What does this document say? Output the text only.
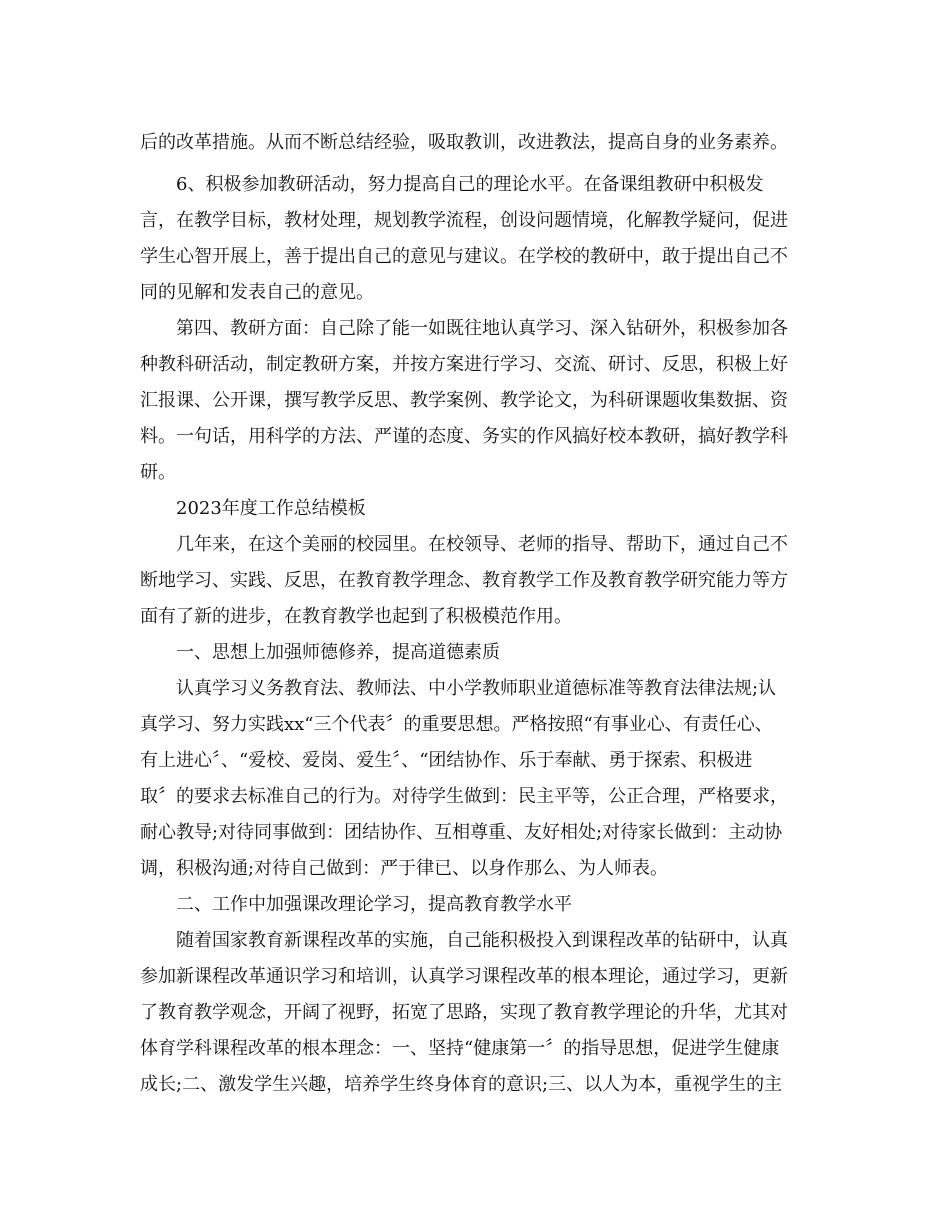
后的改革措施。从而不断总结经验，吸取教训，改进教法，提高自身的业务素养。
6、积极参加教研活动，努力提高自己的理论水平。在备课组教研中积极发
言，在教学目标，教材处理，规划教学流程，创设问题情境，化解教学疑问，促进
学生心智开展上，善于提出自己的意见与建议。在学校的教研中，敢于提出自己不
同的见解和发表自己的意见。
第四、教研方面：自己除了能一如既往地认真学习、深入钻研外，积极参加各
种教科研活动，制定教研方案，并按方案进行学习、交流、研讨、反思，积极上好
汇报课、公开课，撰写教学反思、教学案例、教学论文，为科研课题收集数据、资
料。一句话，用科学的方法、严谨的态度、务实的作风搞好校本教研，搞好教学科
研。
2023年度工作总结模板
几年来，在这个美丽的校园里。在校领导、老师的指导、帮助下，通过自己不
断地学习、实践、反思，在教育教学理念、教育教学工作及教育教学研究能力等方
面有了新的进步，在教育教学也起到了积极模范作用。
一、思想上加强师德修养，提高道德素质
认真学习义务教育法、教师法、中小学教师职业道德标准等教育法律法规;认
真学习、努力实践xx“三个代表〞的重要思想。严格按照“有事业心、有责任心、
有上进心〞、“爱校、爱岗、爱生〞、“团结协作、乐于奉献、勇于探索、积极进
取〞的要求去标准自己的行为。对待学生做到：民主平等，公正合理，严格要求，
耐心教导;对待同事做到：团结协作、互相尊重、友好相处;对待家长做到：主动协
调，积极沟通;对待自己做到：严于律已、以身作那么、为人师表。
二、工作中加强课改理论学习，提高教育教学水平
随着国家教育新课程改革的实施，自己能积极投入到课程改革的钻研中，认真
参加新课程改革通识学习和培训，认真学习课程改革的根本理论，通过学习，更新
了教育教学观念，开阔了视野，拓宽了思路，实现了教育教学理论的升华，尤其对
体育学科课程改革的根本理念：一、坚持“健康第一〞的指导思想，促进学生健康
成长;二、激发学生兴趣，培养学生终身体育的意识;三、以人为本，重视学生的主
